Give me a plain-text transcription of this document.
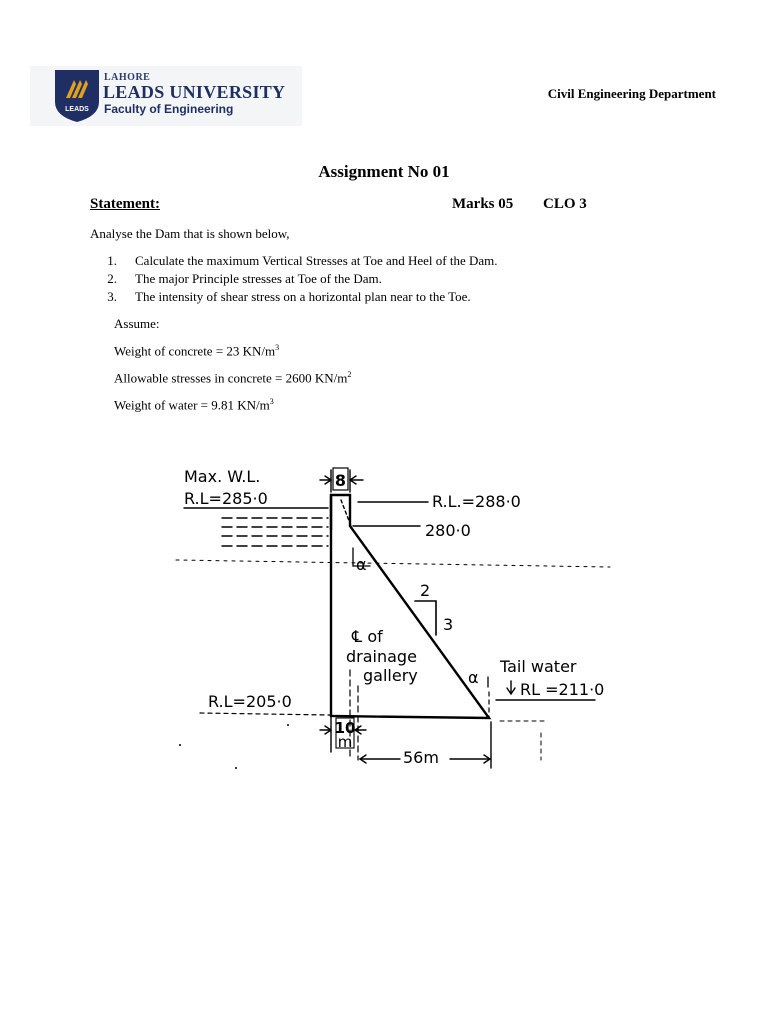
LEADS
LAHORE
LEADS UNIVERSITY
Faculty of Engineering
Civil Engineering Department
Assignment No 01
Statement:	Marks 05 CLO 3
Analyse the Dam that is shown below,
1.	Calculate the maximum Vertical Stresses at Toe and Heel of the Dam.
2.	The major Principle stresses at Toe of the Dam.
3.	The intensity of shear stress on a horizontal plan near to the Toe.
Assume:
Weight of concrete = 23 $KN/m^3$
Allowable stresses in concrete = 2600 $KN/m^2$
Weight of water = 9.81 $KN/m^3$
8
R.L.=288·0
280·0
Max. W.L.
R.L=285·0
α
2
3
℄ of
drainage
gallery	α
Tail water
RL =211·0
R.L=205·0
10
m
56m
